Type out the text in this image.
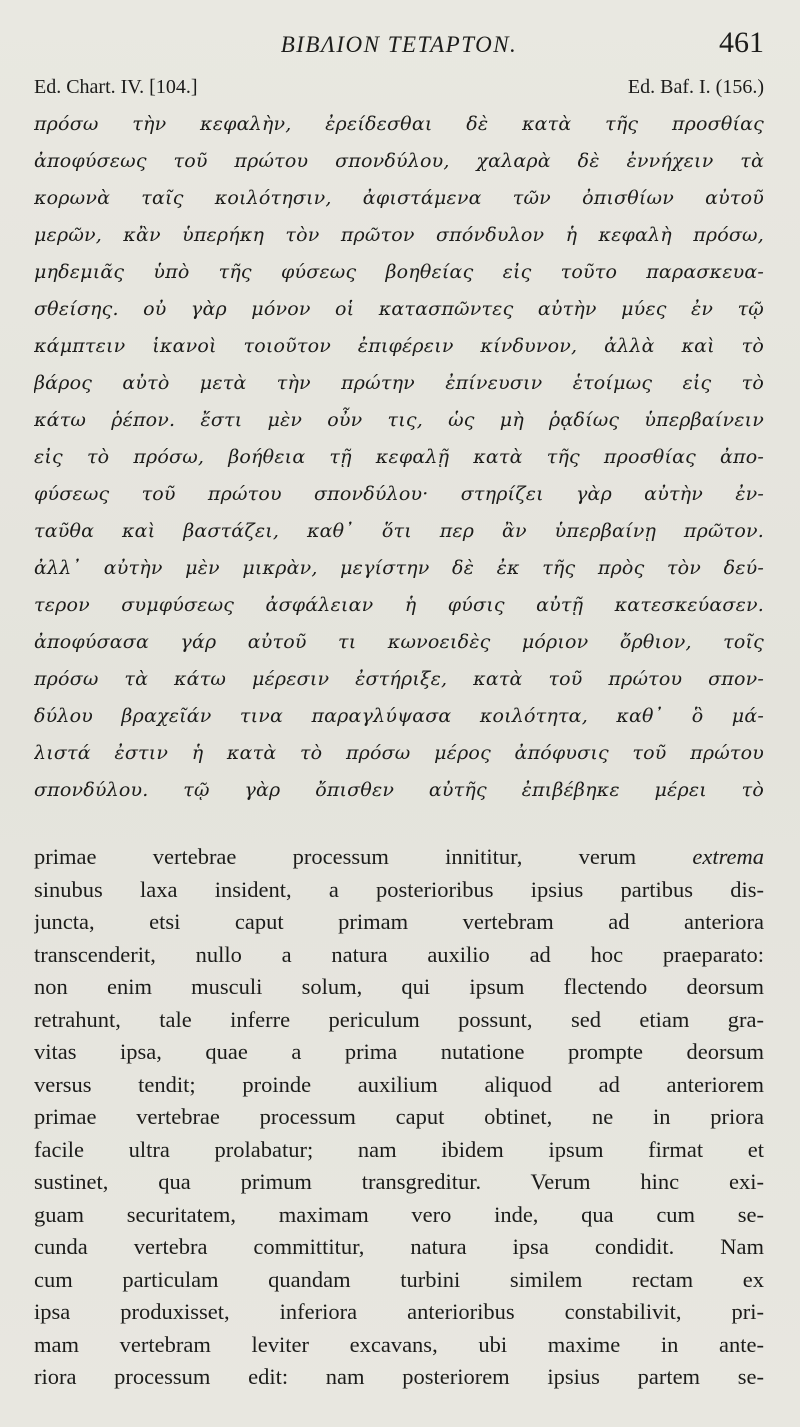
ΒΙΒΛΙΟΝ ΤΕΤΑΡΤΟΝ.	461
Ed. Chart. IV. [104.]	Ed. Baf. I. (156.)
πρόσω τὴν κεφαλὴν, ἐρείδεσθαι δὲ κατὰ τῆς προσθίας
ἀποφύσεως τοῦ πρώτου σπονδύλου, χαλαρὰ δὲ ἐννήχειν τὰ
κορωνὰ ταῖς κοιλότησιν, ἀφιστάμενα τῶν ὀπισθίων αὐτοῦ
μερῶν, κἂν ὑπερήκη τὸν πρῶτον σπόνδυλον ἡ κεφαλὴ πρόσω,
μηδεμιᾶς ὑπὸ τῆς φύσεως βοηθείας εἰς τοῦτο παρασκευα-
σθείσης. οὐ γὰρ μόνον οἱ κατασπῶντες αὐτὴν μύες ἐν τῷ
κάμπτειν ἱκανοὶ τοιοῦτον ἐπιφέρειν κίνδυνον, ἀλλὰ καὶ τὸ
βάρος αὐτὸ μετὰ τὴν πρώτην ἐπίνευσιν ἑτοίμως εἰς τὸ
κάτω ῥέπον. ἔστι μὲν οὖν τις, ὡς μὴ ῥᾳδίως ὑπερβαίνειν
εἰς τὸ πρόσω, βοήθεια τῇ κεφαλῇ κατὰ τῆς προσθίας ἀπο-
φύσεως τοῦ πρώτου σπονδύλου· στηρίζει γὰρ αὐτὴν ἐν-
ταῦθα καὶ βαστάζει, καθ᾽ ὅτι περ ἂν ὑπερβαίνῃ πρῶτον.
ἀλλ᾽ αὐτὴν μὲν μικρὰν, μεγίστην δὲ ἐκ τῆς πρὸς τὸν δεύ-
τερον συμφύσεως ἀσφάλειαν ἡ φύσις αὐτῇ κατεσκεύασεν.
ἀποφύσασα γάρ αὐτοῦ τι κωνοειδὲς μόριον ὄρθιον, τοῖς
πρόσω τὰ κάτω μέρεσιν ἐστήριξε, κατὰ τοῦ πρώτου σπον-
δύλου βραχεῖάν τινα παραγλύψασα κοιλότητα, καθ᾽ ὃ μά-
λιστά ἐστιν ἡ κατὰ τὸ πρόσω μέρος ἀπόφυσις τοῦ πρώτου
σπονδύλου. τῷ γὰρ ὄπισθεν αὐτῆς ἐπιβέβηκε μέρει τὸ
primae vertebrae processum innititur, verum extrema
sinubus laxa insident, a posterioribus ipsius partibus dis-
juncta, etsi caput primam vertebram ad anteriora
transcenderit, nullo a natura auxilio ad hoc praeparato:
non enim musculi solum, qui ipsum flectendo deorsum
retrahunt, tale inferre periculum possunt, sed etiam gra-
vitas ipsa, quae a prima nutatione prompte deorsum
versus tendit; proinde auxilium aliquod ad anteriorem
primae vertebrae processum caput obtinet, ne in priora
facile ultra prolabatur; nam ibidem ipsum firmat et
sustinet, qua primum transgreditur. Verum hinc exi-
guam securitatem, maximam vero inde, qua cum se-
cunda vertebra committitur, natura ipsa condidit. Nam
cum particulam quandam turbini similem rectam ex
ipsa produxisset, inferiora anterioribus constabilivit, pri-
mam vertebram leviter excavans, ubi maxime in ante-
riora processum edit: nam posteriorem ipsius partem se-
